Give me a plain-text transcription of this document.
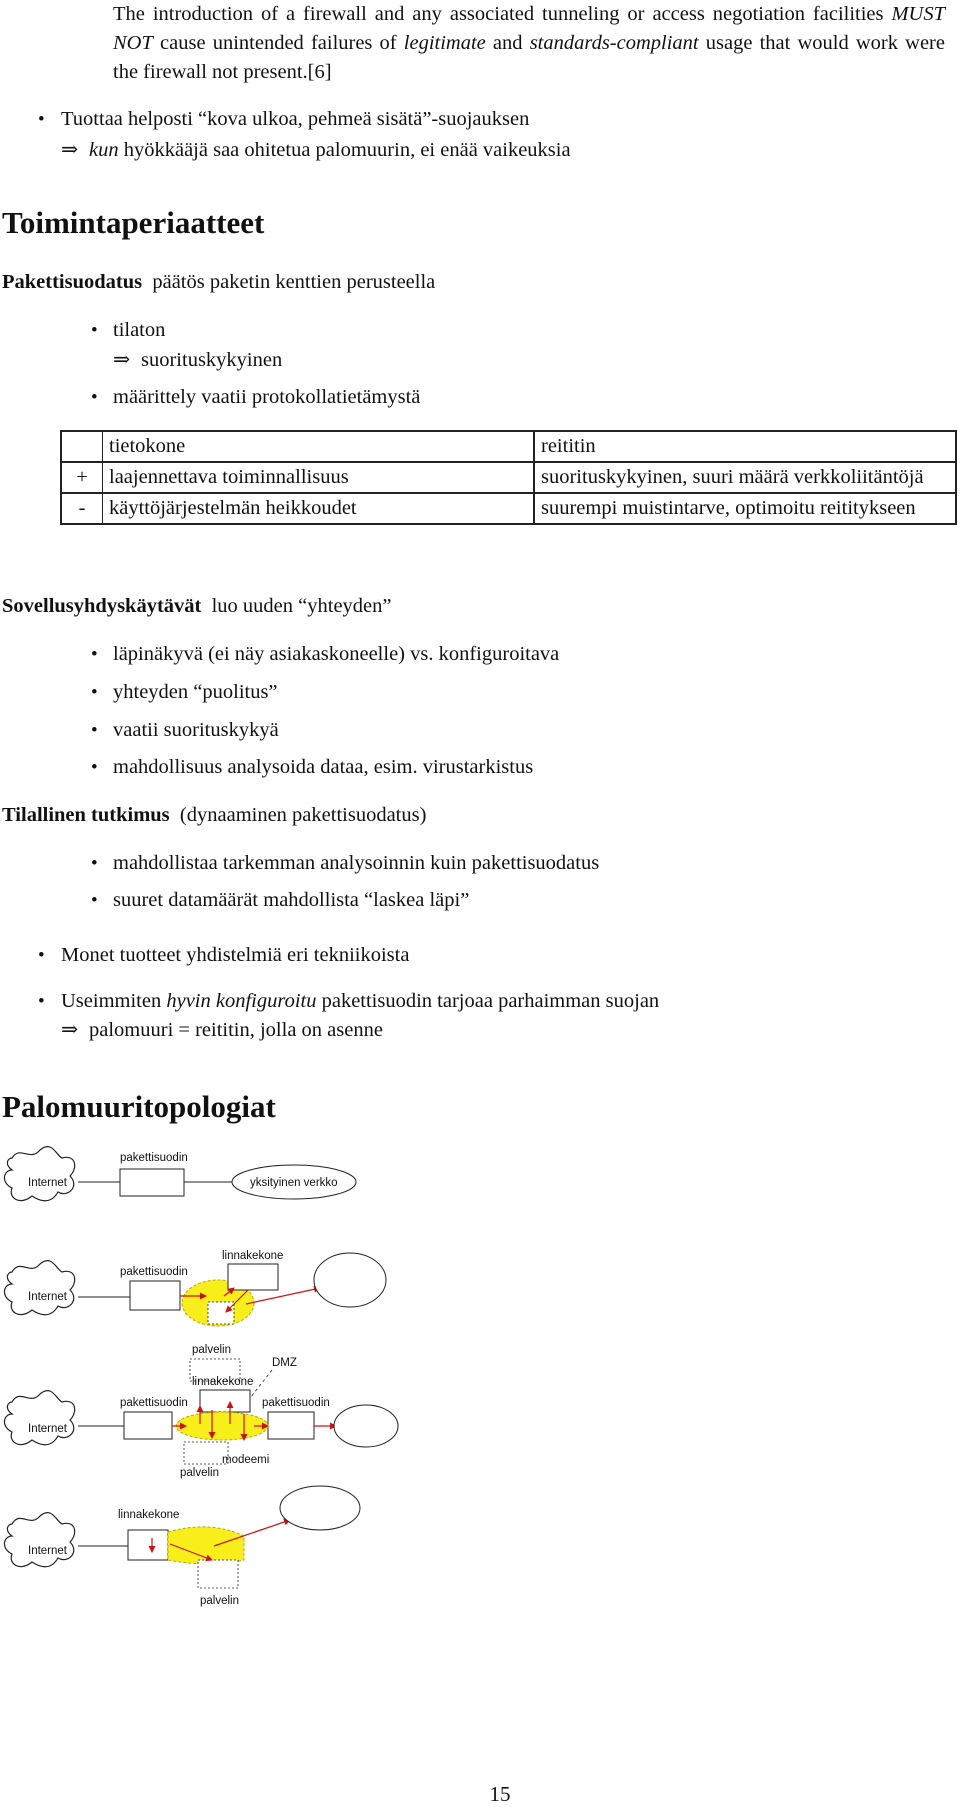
The introduction of a firewall and any associated tunneling or access negotiation facilities MUST NOT cause unintended failures of legitimate and standards-compliant usage that would work were the firewall not present.[6]
• Tuottaa helposti “kova ulkoa, pehmeä sisätä”-suojauksen
⇒ kun hyökkääjä saa ohitetua palomuurin, ei enää vaikeuksia
Toimintaperiaatteet
Pakettisuodatus päätös paketin kenttien perusteella
• tilaton
⇒ suorituskykyinen
• määrittely vaatii protokollatietämystä
	tietokone	reititin
+	laajennettava toiminnallisuus	suorituskykyinen, suuri määrä verkkoliitäntöjä
-	käyttöjärjestelmän heikkoudet	suurempi muistintarve, optimoitu reititykseen
Sovellusyhdyskäytävät luo uuden “yhteyden”
• läpinäkyvä (ei näy asiakaskoneelle) vs. konfiguroitava
• yhteyden “puolitus”
• vaatii suorituskykyä
• mahdollisuus analysoida dataa, esim. virustarkistus
Tilallinen tutkimus (dynaaminen pakettisuodatus)
• mahdollistaa tarkemman analysoinnin kuin pakettisuodatus
• suuret datamäärät mahdollista “laskea läpi”
• Monet tuotteet yhdistelmiä eri tekniikoista
• Useimmiten hyvin konfiguroitu pakettisuodin tarjoaa parhaimman suojan
⇒ palomuuri = reititin, jolla on asenne
Palomuuritopologiat
Internet
pakettisuodin
yksityinen verkko
Internet
pakettisuodin
linnakekone
Internet
palvelin
DMZ
linnakekone
pakettisuodin	pakettisuodin
modeemi
palvelin
Internet
linnakekone
palvelin
15
